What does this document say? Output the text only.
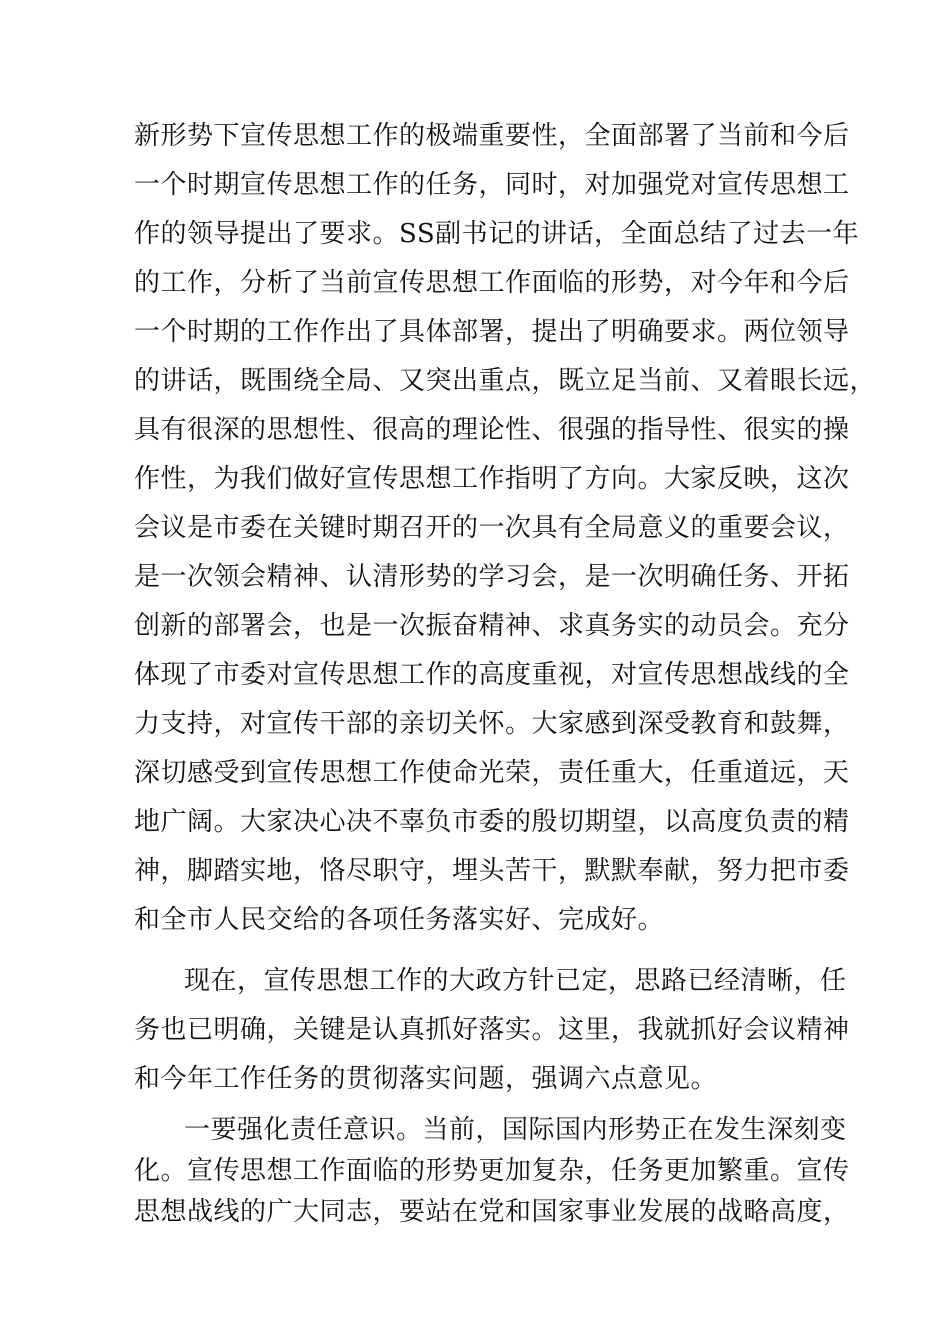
新形势下宣传思想工作的极端重要性，全面部署了当前和今后
一个时期宣传思想工作的任务，同时，对加强党对宣传思想工
作的领导提出了要求。SS副书记的讲话，全面总结了过去一年
的工作，分析了当前宣传思想工作面临的形势，对今年和今后
一个时期的工作作出了具体部署，提出了明确要求。两位领导
的讲话，既围绕全局、又突出重点，既立足当前、又着眼长远，
具有很深的思想性、很高的理论性、很强的指导性、很实的操
作性，为我们做好宣传思想工作指明了方向。大家反映，这次
会议是市委在关键时期召开的一次具有全局意义的重要会议，
是一次领会精神、认清形势的学习会，是一次明确任务、开拓
创新的部署会，也是一次振奋精神、求真务实的动员会。充分
体现了市委对宣传思想工作的高度重视，对宣传思想战线的全
力支持，对宣传干部的亲切关怀。大家感到深受教育和鼓舞，
深切感受到宣传思想工作使命光荣，责任重大，任重道远，天
地广阔。大家决心决不辜负市委的殷切期望，以高度负责的精
神，脚踏实地，恪尽职守，埋头苦干，默默奉献，努力把市委
和全市人民交给的各项任务落实好、完成好。
现在，宣传思想工作的大政方针已定，思路已经清晰，任
务也已明确，关键是认真抓好落实。这里，我就抓好会议精神
和今年工作任务的贯彻落实问题，强调六点意见。
一要强化责任意识。当前，国际国内形势正在发生深刻变
化。宣传思想工作面临的形势更加复杂，任务更加繁重。宣传
思想战线的广大同志，要站在党和国家事业发展的战略高度，
